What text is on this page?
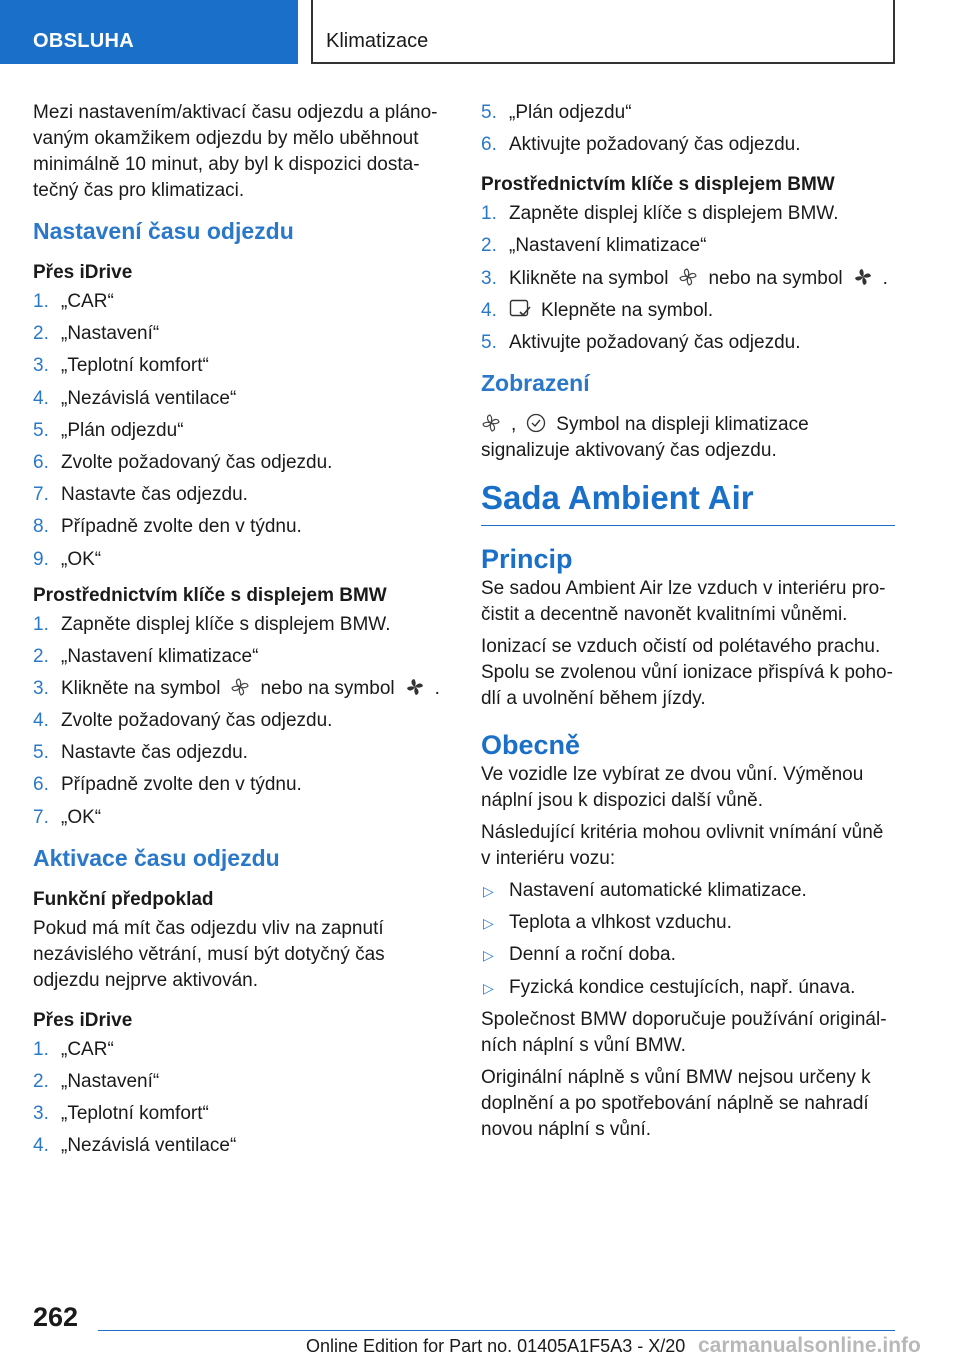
OBSLUHA	Klimatizace

Mezi nastavením/aktivací času odjezdu a plánovaným okamžikem odjezdu by mělo uběhnout minimálně 10 minut, aby byl k dispozici dostatečný čas pro klimatizaci.

Nastavení času odjezdu
Přes iDrive
1. „CAR“
2. „Nastavení“
3. „Teplotní komfort“
4. „Nezávislá ventilace“
5. „Plán odjezdu“
6. Zvolte požadovaný čas odjezdu.
7. Nastavte čas odjezdu.
8. Případně zvolte den v týdnu.
9. „OK“
Prostřednictvím klíče s displejem BMW
1. Zapněte displej klíče s displejem BMW.
2. „Nastavení klimatizace“
3. Klikněte na symbol nebo na symbol .
4. Zvolte požadovaný čas odjezdu.
5. Nastavte čas odjezdu.
6. Případně zvolte den v týdnu.
7. „OK“
Aktivace času odjezdu
Funkční předpoklad

Pokud má mít čas odjezdu vliv na zapnutí nezávislého větrání, musí být dotyčný čas odjezdu nejprve aktivován.

Přes iDrive
1. „CAR“
2. „Nastavení“
3. „Teplotní komfort“
4. „Nezávislá ventilace“
5. „Plán odjezdu“
6. Aktivujte požadovaný čas odjezdu.
Prostřednictvím klíče s displejem BMW
1. Zapněte displej klíče s displejem BMW.
2. „Nastavení klimatizace“
3. Klikněte na symbol nebo na symbol .
4. Klepněte na symbol.
5. Aktivujte požadovaný čas odjezdu.
Zobrazení

, Symbol na displeji klimatizace signalizuje aktivovaný čas odjezdu.

Sada Ambient Air
Princip

Se sadou Ambient Air lze vzduch v interiéru pročistit a decentně navonět kvalitními vůněmi.

Ionizací se vzduch očistí od polétavého prachu. Spolu se zvolenou vůní ionizace přispívá k pohodlí a uvolnění během jízdy.

Obecně

Ve vozidle lze vybírat ze dvou vůní. Výměnou náplní jsou k dispozici další vůně.

Následující kritéria mohou ovlivnit vnímání vůně v interiéru vozu:

▷ Nastavení automatické klimatizace.
▷ Teplota a vlhkost vzduchu.
▷ Denní a roční doba.
▷ Fyzická kondice cestujících, např. únava.

Společnost BMW doporučuje používání originálních náplní s vůní BMW.

Originální náplně s vůní BMW nejsou určeny k doplnění a po spotřebování náplně se nahradí novou náplní s vůní.

262
Online Edition for Part no. 01405A1F5A3 - X/20 carmanualsonline.info
